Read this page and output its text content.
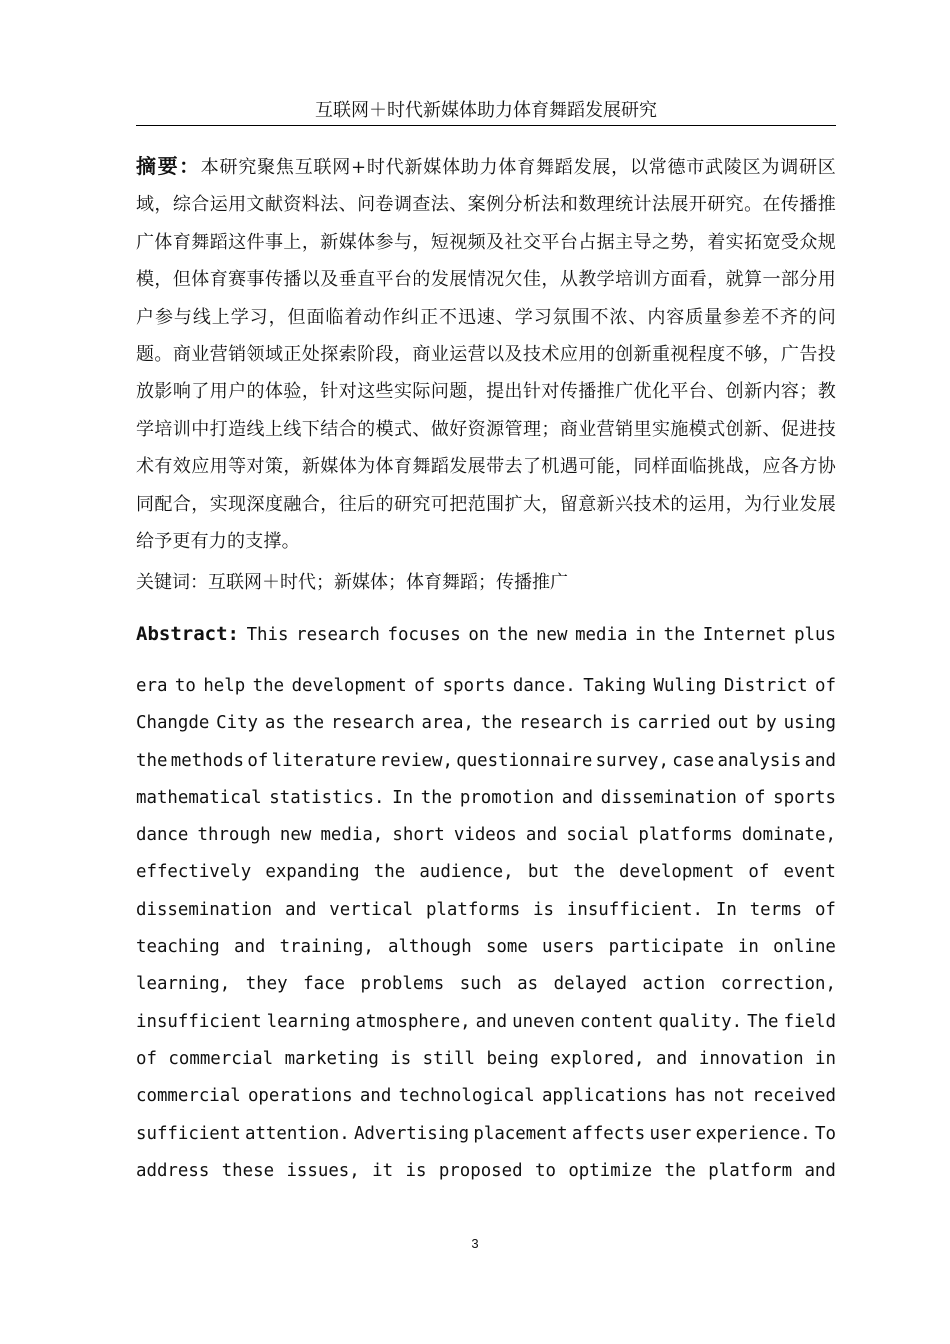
互联网＋时代新媒体助力体育舞蹈发展研究
摘要：本研究聚焦互联网+时代新媒体助力体育舞蹈发展，以常德市武陵区为调研区域，综合运用文献资料法、问卷调查法、案例分析法和数理统计法展开研究。在传播推广体育舞蹈这件事上，新媒体参与，短视频及社交平台占据主导之势，着实拓宽受众规模，但体育赛事传播以及垂直平台的发展情况欠佳，从教学培训方面看，就算一部分用户参与线上学习，但面临着动作纠正不迅速、学习氛围不浓、内容质量参差不齐的问题。商业营销领域正处探索阶段，商业运营以及技术应用的创新重视程度不够，广告投放影响了用户的体验，针对这些实际问题，提出针对传播推广优化平台、创新内容；教学培训中打造线上线下结合的模式、做好资源管理；商业营销里实施模式创新、促进技术有效应用等对策，新媒体为体育舞蹈发展带去了机遇可能，同样面临挑战，应各方协同配合，实现深度融合，往后的研究可把范围扩大，留意新兴技术的运用，为行业发展给予更有力的支撑。
关键词：互联网＋时代；新媒体；体育舞蹈；传播推广
Abstract: This research focuses on the new media in the Internet plus
era to help the development of sports dance. Taking Wuling District of
Changde City as the research area, the research is carried out by using
the methods of literature review, questionnaire survey, case analysis and
mathematical statistics. In the promotion and dissemination of sports
dance through new media, short videos and social platforms dominate,
effectively expanding the audience, but the development of event
dissemination and vertical platforms is insufficient. In terms of
teaching and training, although some users participate in online
learning, they face problems such as delayed action correction,
insufficient learning atmosphere, and uneven content quality. The field
of commercial marketing is still being explored, and innovation in
commercial operations and technological applications has not received
sufficient attention. Advertising placement affects user experience. To
address these issues, it is proposed to optimize the platform and
3
